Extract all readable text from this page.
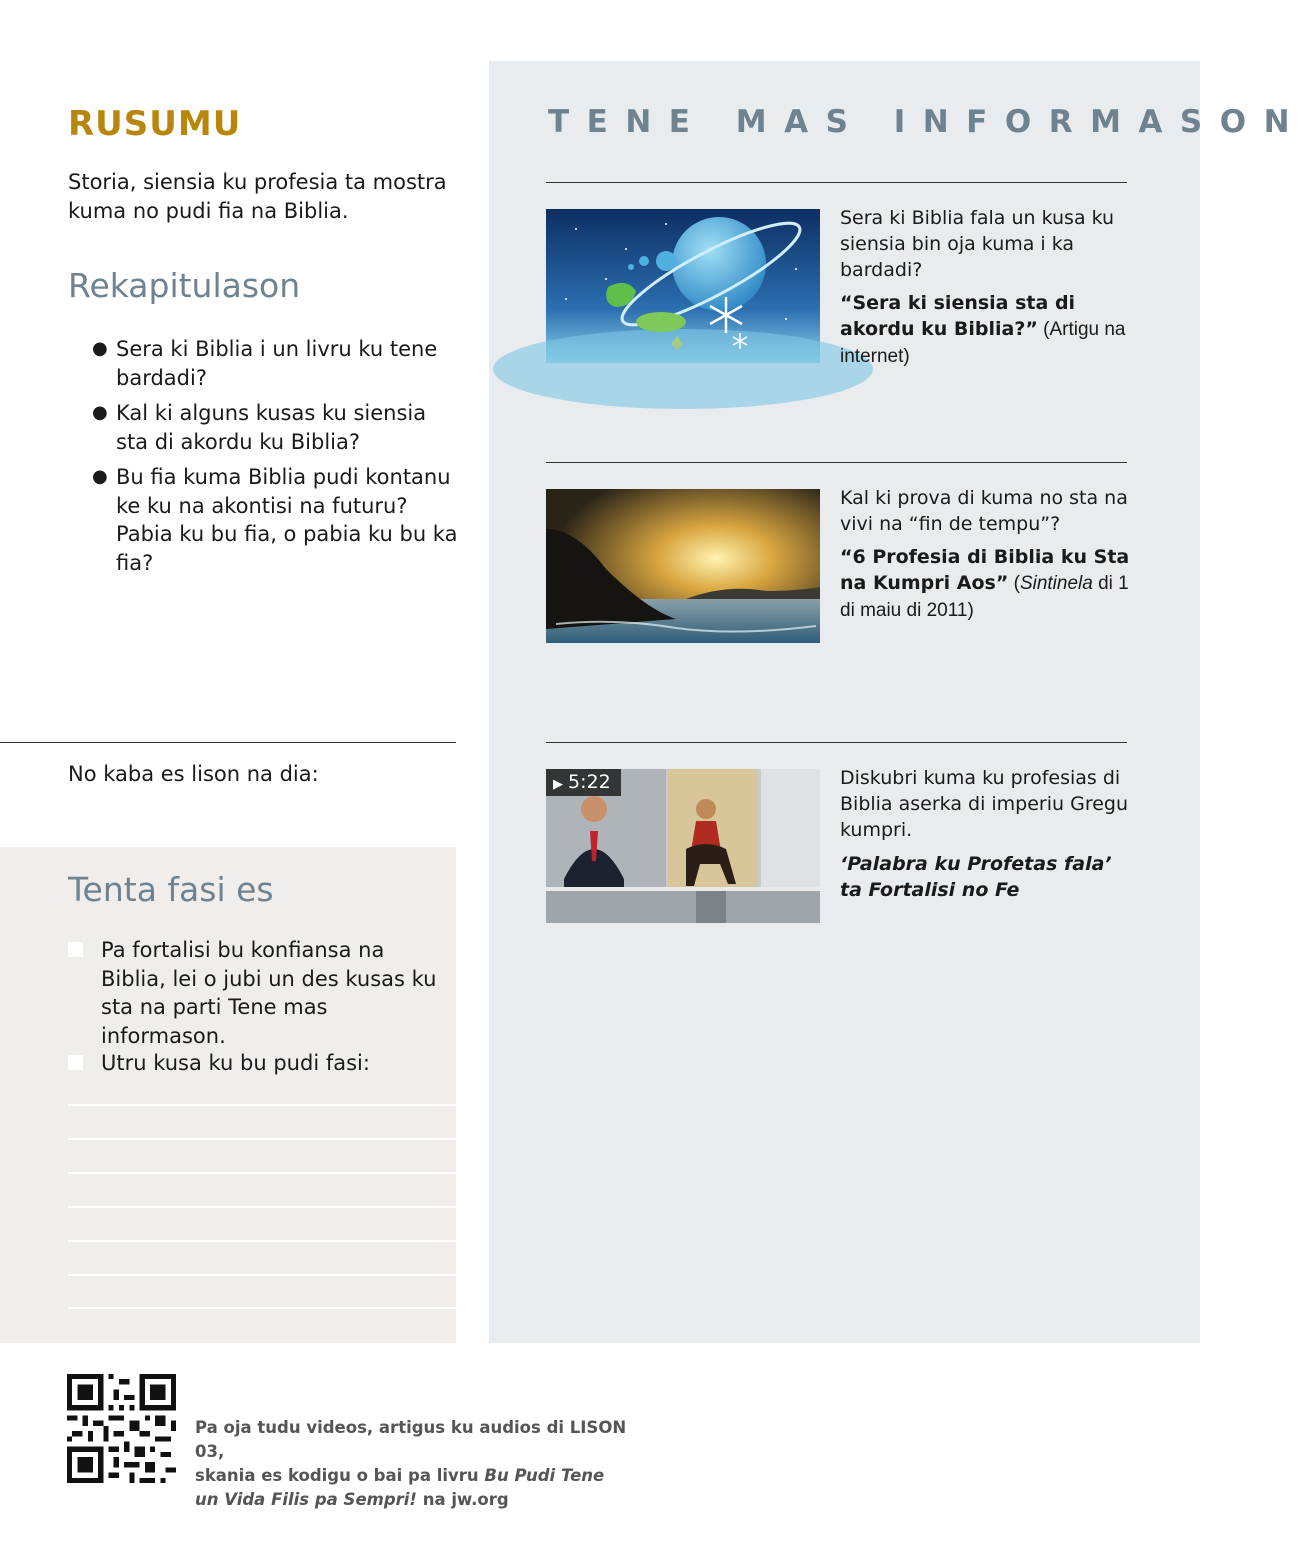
RUSUMU

Storia, siensia ku profesia ta mostra kuma no pudi fia na Biblia.

Rekapitulason
● Sera ki Biblia i un livru ku tene bardadi?
● Kal ki alguns kusas ku siensia sta di akordu ku Biblia?
● Bu fia kuma Biblia pudi kontanu ke ku na akontisi na futuru? Pabia ku bu fia, o pabia ku bu ka fia?
No kaba es lison na dia:
Tenta fasi es
Pa fortalisi bu konfiansa na Biblia, lei o jubi un des kusas ku sta na parti Tene mas informason.
Utru kusa ku bu pudi fasi:
TENE MAS INFORMASON
Sera ki Biblia fala un kusa ku siensia bin oja kuma i ka bardadi?
“Sera ki siensia sta di akordu ku Biblia?” (Artigu na internet)
Kal ki prova di kuma no sta na vivi na “fin de tempu”?
“6 Profesia di Biblia ku Sta na Kumpri Aos” (Sintinela di 1 di maiu di 2011)
▶ 5:22	Diskubri kuma ku profesias di Biblia aserka di imperiu Gregu kumpri.
‘Palabra ku Profetas fala’
ta Fortalisi no Fe
Pa oja tudu videos, artigus ku audios di LISON 03,
skania es kodigu o bai pa livru Bu Pudi Tene
un Vida Filis pa Sempri! na jw.org
